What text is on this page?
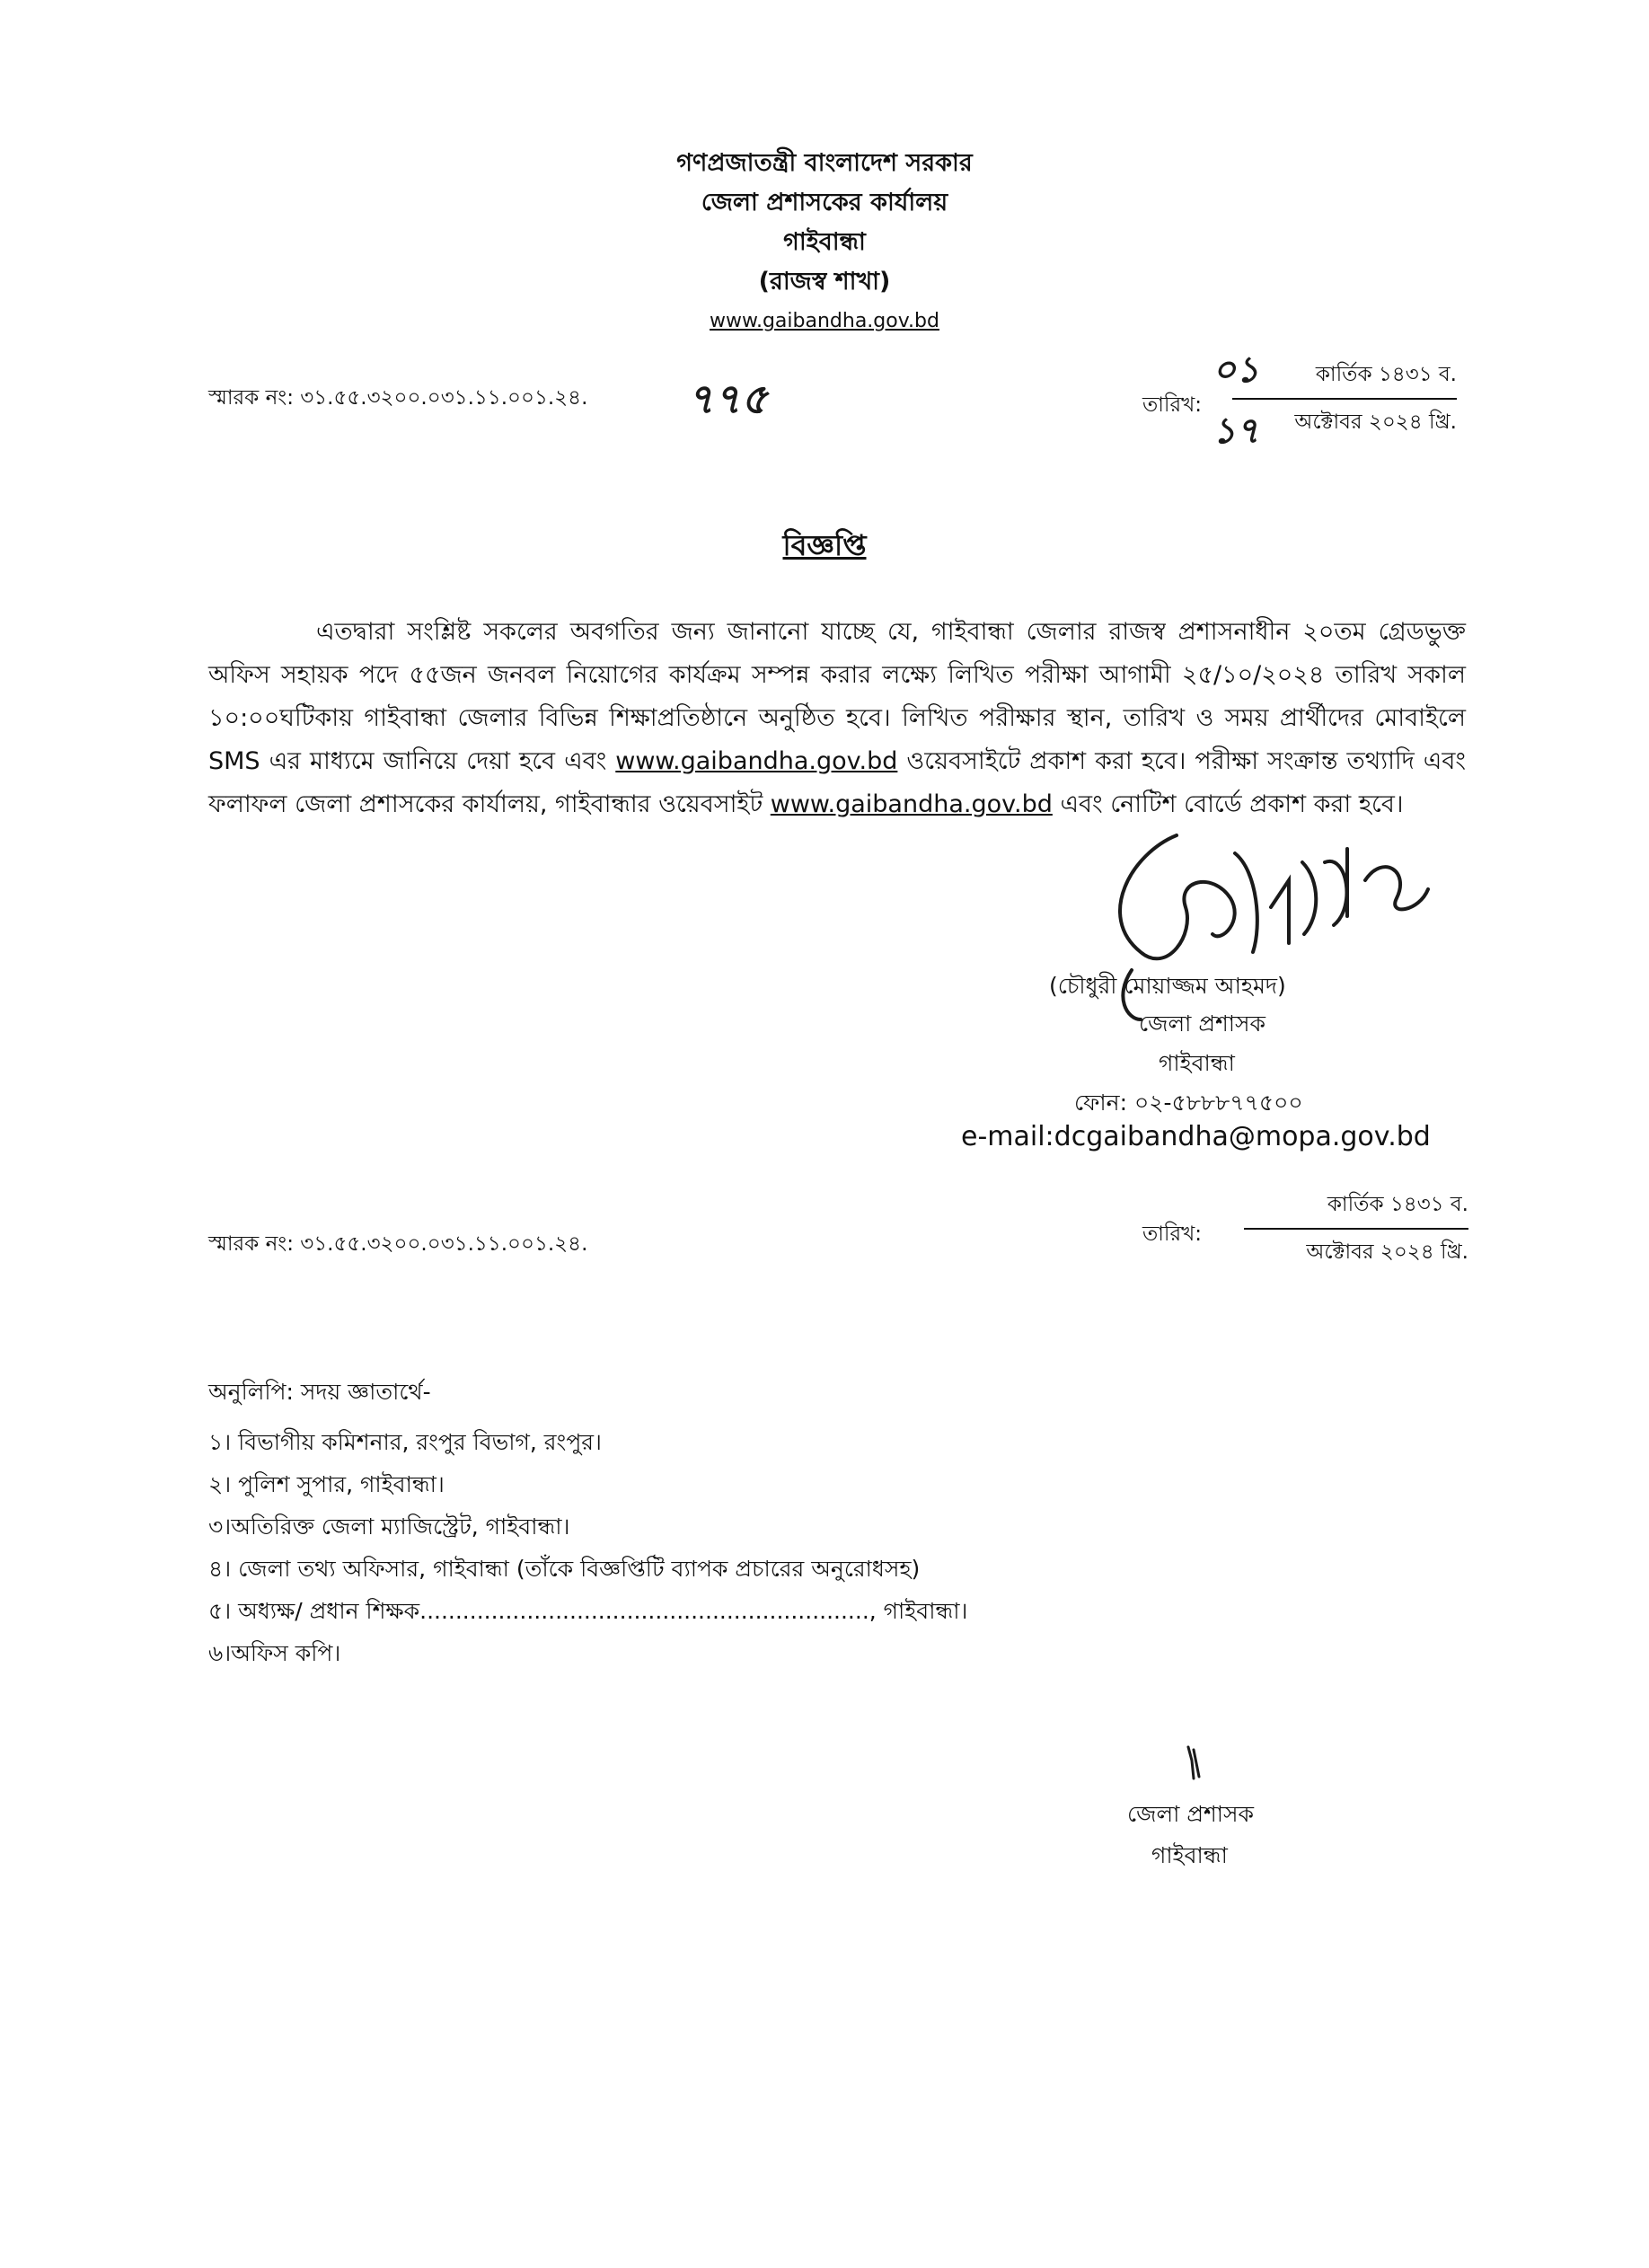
গণপ্রজাতন্ত্রী বাংলাদেশ সরকার
জেলা প্রশাসকের কার্যালয়
গাইবান্ধা
(রাজস্ব শাখা)
www.gaibandha.gov.bd
স্মারক নং: ৩১.৫৫.৩২০০.০৩১.১১.০০১.২৪. ৭৭৫	তারিখ:
০১
১৭
কার্তিক ১৪৩১ ব.
অক্টোবর ২০২৪ খ্রি.
বিজ্ঞপ্তি
এতদ্বারা সংশ্লিষ্ট সকলের অবগতির জন্য জানানো যাচ্ছে যে, গাইবান্ধা জেলার রাজস্ব প্রশাসনাধীন ২০তম গ্রেডভুক্ত অফিস সহায়ক পদে ৫৫জন জনবল নিয়োগের কার্যক্রম সম্পন্ন করার লক্ষ্যে লিখিত পরীক্ষা আগামী ২৫/১০/২০২৪ তারিখ সকাল ১০:০০ঘটিকায় গাইবান্ধা জেলার বিভিন্ন শিক্ষাপ্রতিষ্ঠানে অনুষ্ঠিত হবে। লিখিত পরীক্ষার স্থান, তারিখ ও সময় প্রার্থীদের মোবাইলে SMS এর মাধ্যমে জানিয়ে দেয়া হবে এবং www.gaibandha.gov.bd ওয়েবসাইটে প্রকাশ করা হবে। পরীক্ষা সংক্রান্ত তথ্যাদি এবং ফলাফল জেলা প্রশাসকের কার্যালয়, গাইবান্ধার ওয়েবসাইট www.gaibandha.gov.bd এবং নোটিশ বোর্ডে প্রকাশ করা হবে।
(চৌধুরী মোয়াজ্জম আহমদ)
জেলা প্রশাসক
গাইবান্ধা
ফোন: ০২-৫৮৮৮৭৭৫০০
e-mail:dcgaibandha@mopa.gov.bd
স্মারক নং: ৩১.৫৫.৩২০০.০৩১.১১.০০১.২৪.	তারিখ:
কার্তিক ১৪৩১ ব.
অক্টোবর ২০২৪ খ্রি.
অনুলিপি: সদয় জ্ঞাতার্থে-
১। বিভাগীয় কমিশনার, রংপুর বিভাগ, রংপুর।
২। পুলিশ সুপার, গাইবান্ধা।
৩।অতিরিক্ত জেলা ম্যাজিস্ট্রেট, গাইবান্ধা।
৪। জেলা তথ্য অফিসার, গাইবান্ধা (তাঁকে বিজ্ঞপ্তিটি ব্যাপক প্রচারের অনুরোধসহ)
৫। অধ্যক্ষ/ প্রধান শিক্ষক..............................................................., গাইবান্ধা।
৬।অফিস কপি।
জেলা প্রশাসক
গাইবান্ধা
